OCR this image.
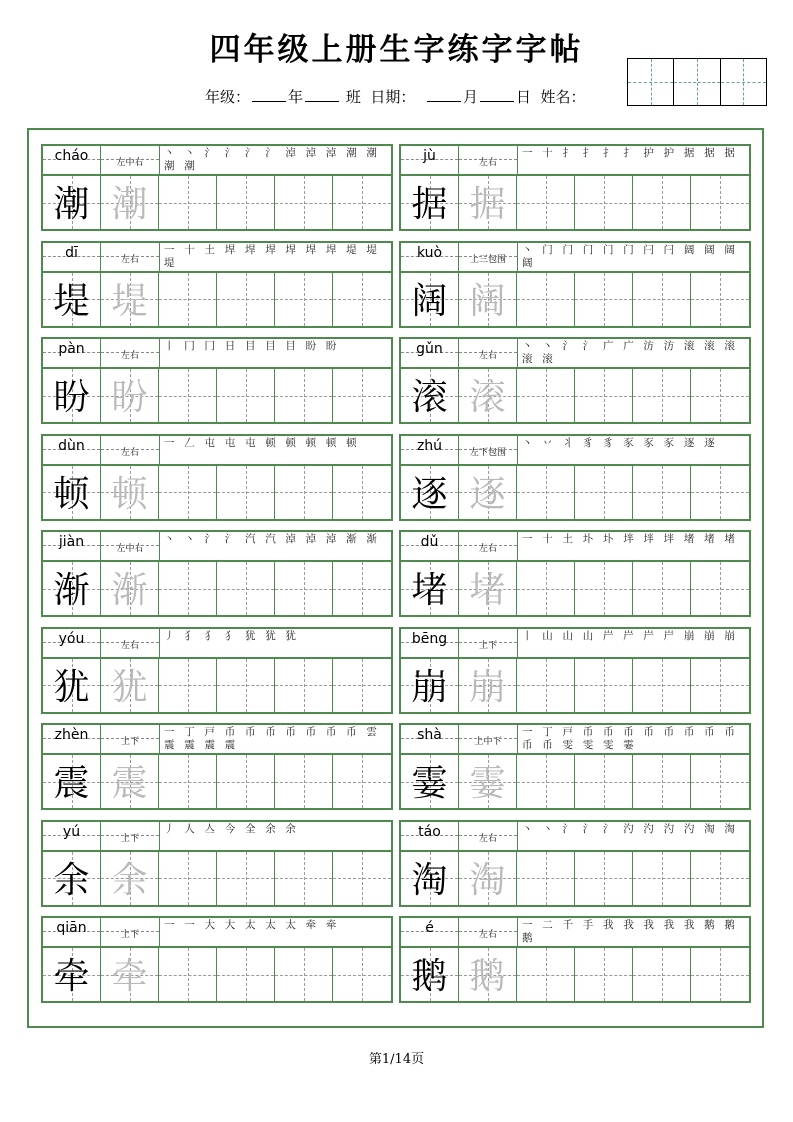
四年级上册生字练字字帖
年级：	年	班 日期：	月	日 姓名：
cháo	左中右
丶 丶 氵 氵 氵 氵 淖 淖 淖 潮 潮 潮 潮
潮 潮
dī	左右
一 十 土 垾 垾 垾 垾 垾 垾 堤 堤 堤
堤 堤
pàn	左右
丨 冂 冂 日 目 目 目 盼 盼
盼 盼
dùn	左右
一 𠃋 屯 屯 屯 顿 顿 顿 顿 顿
顿 顿
jiàn	左中右
丶 丶 氵 氵 汽 汽 淖 淖 淖 渐 渐
渐 渐
yóu	左右
丿 犭 犭 犭 犹 犹 犹
犹 犹
zhèn	上下
一 丁 戸 币 币 币 币 币 币 币 雲 震 震 震 震
震 震
yú	上下
丿 人 亼 今 全 余 余
余 余
qiān	上下
一 一 大 大 太 太 太 牵 牵
牵 牵
jù	左右
一 十 扌 扌 扌 扌 护 护 据 据 据
据 据
kuò	上三包围
丶 门 门 门 门 门 闩 闩 阔 阔 阔 阔
阔 阔
gǔn	左右
丶 丶 氵 氵 广 广 汸 汸 滚 滚 滚 滚 滚
滚 滚
zhú	左下包围
丶 丷 丬 豸 豸 豕 豕 豕 逐 逐
逐 逐
dǔ	左右
一 十 土 圤 圤 坢 坢 坢 堵 堵 堵
堵 堵
bēng	上下
丨 山 山 山 屵 屵 屵 屵 崩 崩 崩
崩 崩
shà	上中下
一 丁 戸 币 币 币 币 币 币 币 币 币 币 雯 雯 雯 霎
霎 霎
táo	左右
丶 丶 氵 氵 氵 汋 汋 汋 汋 淘 淘
淘 淘
é	左右
一 二 千 手 我 我 我 我 我 鹅 鹅 鹅
鹅 鹅
第1/14页
